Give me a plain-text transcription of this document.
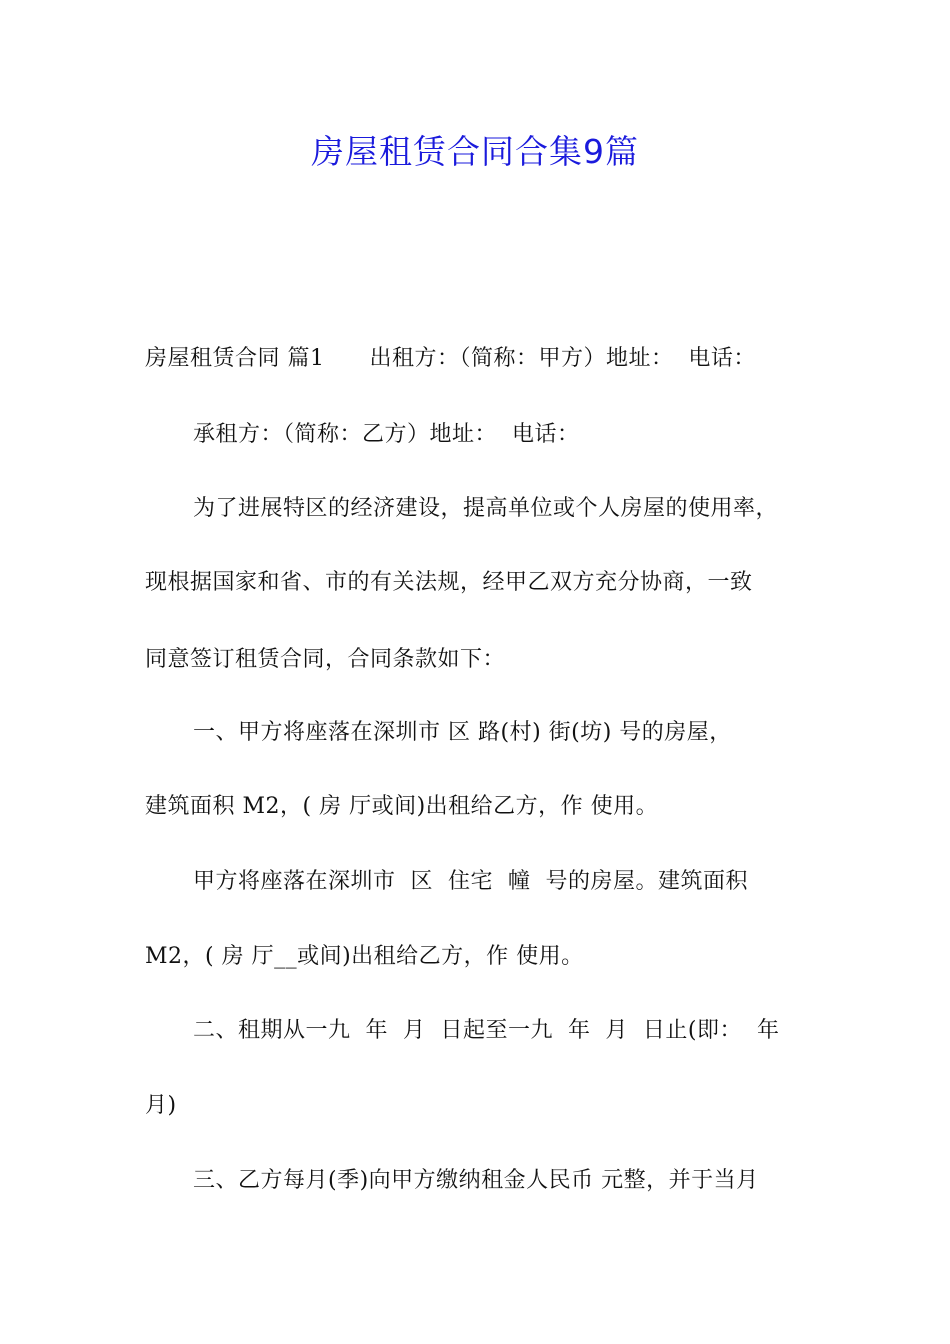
房屋租赁合同合集9篇
房屋租赁合同 篇1      出租方：（简称：甲方）地址：  电话：
承租方：（简称：乙方）地址：  电话：
为了进展特区的经济建设，提高单位或个人房屋的使用率，
现根据国家和省、市的有关法规，经甲乙双方充分协商，一致
同意签订租赁合同，合同条款如下：
一、甲方将座落在深圳市 区 路(村) 街(坊) 号的房屋，
建筑面积 M2，( 房 厅或间)出租给乙方，作 使用。
甲方将座落在深圳市  区  住宅  幢  号的房屋。建筑面积
M2，( 房 厅__或间)出租给乙方，作 使用。
二、租期从一九  年  月  日起至一九  年  月  日止(即：  年
月)
三、乙方每月(季)向甲方缴纳租金人民币 元整，并于当月
